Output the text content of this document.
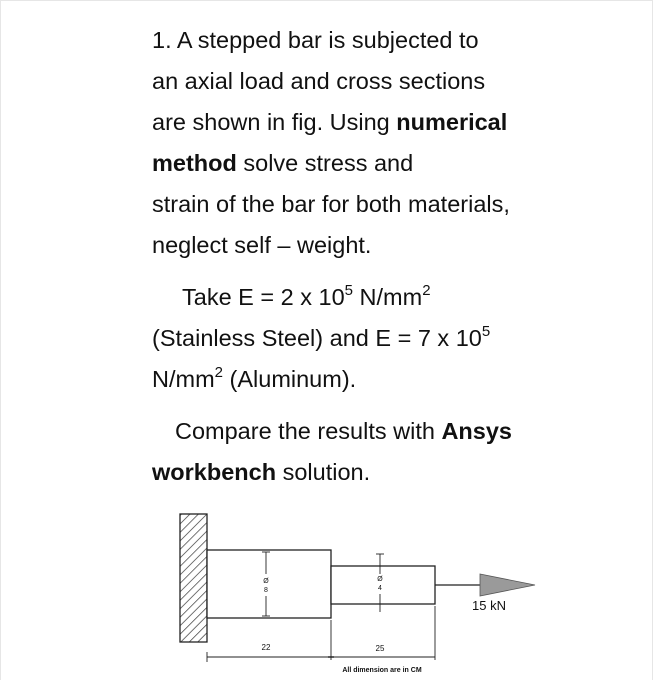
1. A stepped bar is subjected to
an axial load and cross sections
are shown in fig. Using numerical
method solve stress and
strain of the bar for both materials,
neglect self – weight.
Take E = 2 x $10^5$ $N/mm^2$
(Stainless Steel) and E = 7 x $10^5$
$N/mm^2$ (Aluminum).
Compare the results with Ansys
workbench solution.
Ø
8
Ø
4
15 kN
22	25
All dimension are in CM
